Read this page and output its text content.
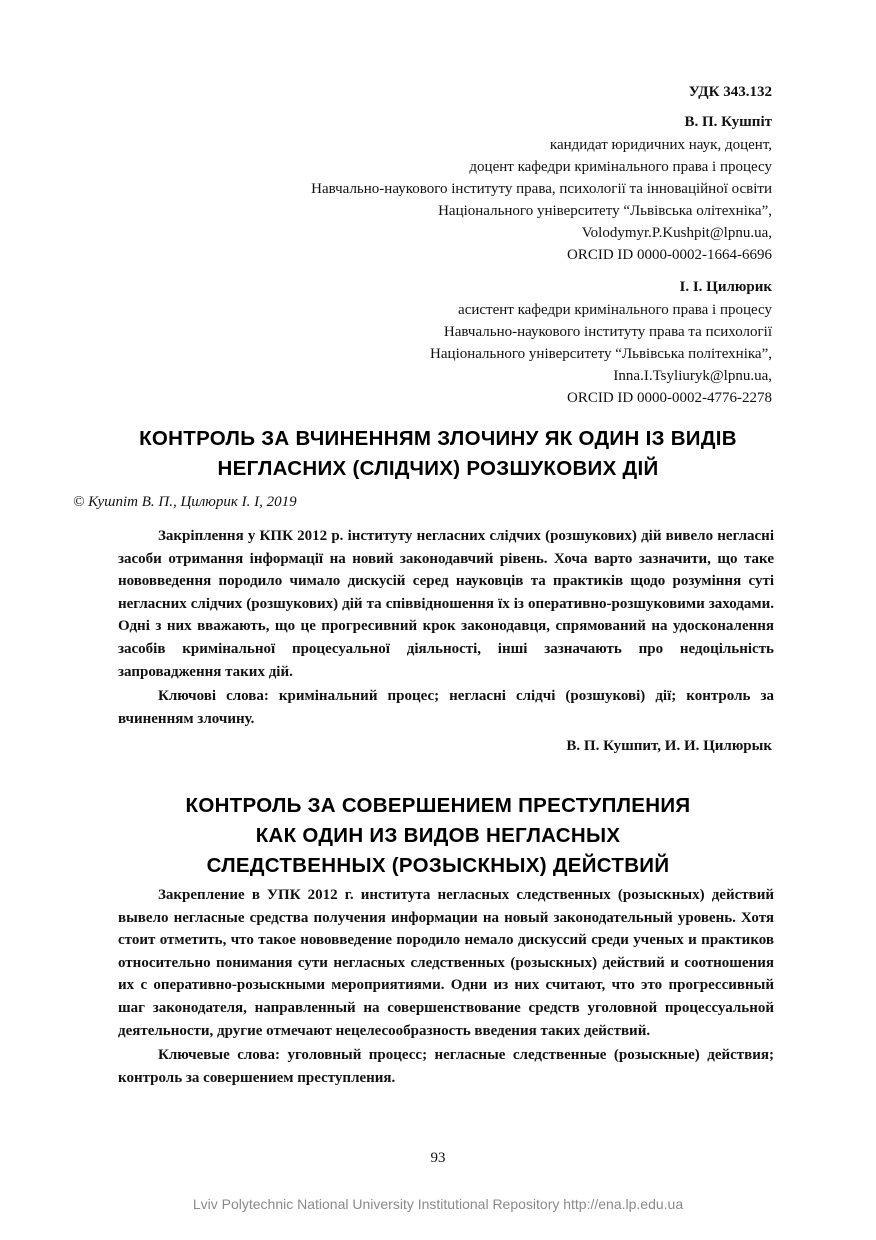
УДК 343.132
В. П. Кушпіт
кандидат юридичних наук, доцент,
доцент кафедри кримінального права і процесу
Навчально-наукового інституту права, психології та інноваційної освіти
Національного університету “Львівська олітехніка”,
Volodymyr.P.Kushpit@lpnu.ua,
ORCID ID 0000-0002-1664-6696
І. І. Цилюрик
асистент кафедри кримінального права і процесу
Навчально-наукового інституту права та психології
Національного університету “Львівська політехніка”,
Inna.I.Tsyliuryk@lpnu.ua,
ORCID ID 0000-0002-4776-2278
КОНТРОЛЬ ЗА ВЧИНЕННЯМ ЗЛОЧИНУ ЯК ОДИН ІЗ ВИДІВ
НЕГЛАСНИХ (СЛІДЧИХ) РОЗШУКОВИХ ДІЙ
© Кушпіт В. П., Цилюрик І. І, 2019

Закріплення у КПК 2012 р. інституту негласних слідчих (розшукових) дій вивело негласні засоби отримання інформації на новий законодавчий рівень. Хоча варто зазначити, що таке нововведення породило чимало дискусій серед науковців та практиків щодо розуміння суті негласних слідчих (розшукових) дій та співвідношення їх із оперативно-розшуковими заходами. Одні з них вважають, що це прогресивний крок законодавця, спрямований на удосконалення засобів кримінальної процесуальної діяльності, інші зазначають про недоцільність запровадження таких дій.

Ключові слова: кримінальний процес; негласні слідчі (розшукові) дії; контроль за вчиненням злочину.

В. П. Кушпит, И. И. Цилюрык
КОНТРОЛЬ ЗА СОВЕРШЕНИЕМ ПРЕСТУПЛЕНИЯ
КАК ОДИН ИЗ ВИДОВ НЕГЛАСНЫХ
СЛЕДСТВЕННЫХ (РОЗЫСКНЫХ) ДЕЙСТВИЙ

Закрепление в УПК 2012 г. института негласных следственных (розыскных) действий вывело негласные средства получения информации на новый законодательный уровень. Хотя стоит отметить, что такое нововведение породило немало дискуссий среди ученых и практиков относительно понимания сути негласных следственных (розыскных) действий и соотношения их с оперативно-розыскными мероприятиями. Одни из них считают, что это прогрессивный шаг законодателя, направленный на совершенствование средств уголовной процессуальной деятельности, другие отмечают нецелесообразность введения таких действий.

Ключевые слова: уголовный процесс; негласные следственные (розыскные) действия; контроль за совершением преступления.

93
Lviv Polytechnic National University Institutional Repository http://ena.lp.edu.ua
